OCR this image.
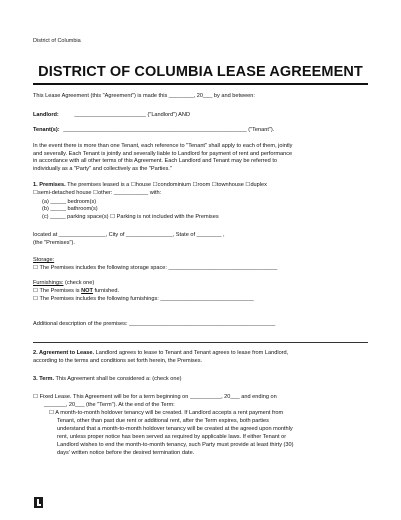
District of Columbia
DISTRICT OF COLUMBIA LEASE AGREEMENT
This Lease Agreement (this "Agreement") is made this ________, 20___ by and between:
Landlord:	_______________________ ("Landlord") AND
Tenant(s): ___________________________________________________________ ("Tenant").
In the event there is more than one Tenant, each reference to "Tenant" shall apply to each of them, jointly
and severally. Each Tenant is jointly and severally liable to Landlord for payment of rent and performance
in accordance with all other terms of this Agreement. Each Landlord and Tenant may be referred to
individually as a "Party" and collectively as the "Parties."
1. Premises. The premises leased is a ☐house ☐condominium ☐room ☐townhouse ☐duplex
☐semi-detached house ☐other: ___________ with:
(a) _____ bedroom(s)
(b) _____ bathroom(s)
(c) _____ parking space(s) ☐ Parking is not included with the Premises
located at _______________, City of _______________, State of ________ ,
(the "Premises").
Storage:
☐ The Premises includes the following storage space: ___________________________________
Furnishings: (check one)
☐ The Premises is NOT furnished.
☐ The Premises includes the following furnishings: ______________________________
Additional description of the premises: _______________________________________________
2. Agreement to Lease. Landlord agrees to lease to Tenant and Tenant agrees to lease from Landlord,
according to the terms and conditions set forth herein, the Premises.
3. Term. This Agreement shall be considered a: (check one)
☐ Fixed Lease. This Agreement will be for a term beginning on __________, 20___ and ending on
_______, 20___ (the "Term"). At the end of the Term:
☐ A month-to-month holdover tenancy will be created. If Landlord accepts a rent payment from
Tenant, other than past due rent or additional rent, after the Term expires, both parties
understand that a month-to-month holdover tenancy will be created at the agreed upon monthly
rent, unless proper notice has been served as required by applicable laws. If either Tenant or
Landlord wishes to end the month-to-month tenancy, such Party must provide at least thirty (30)
days' written notice before the desired termination date.
